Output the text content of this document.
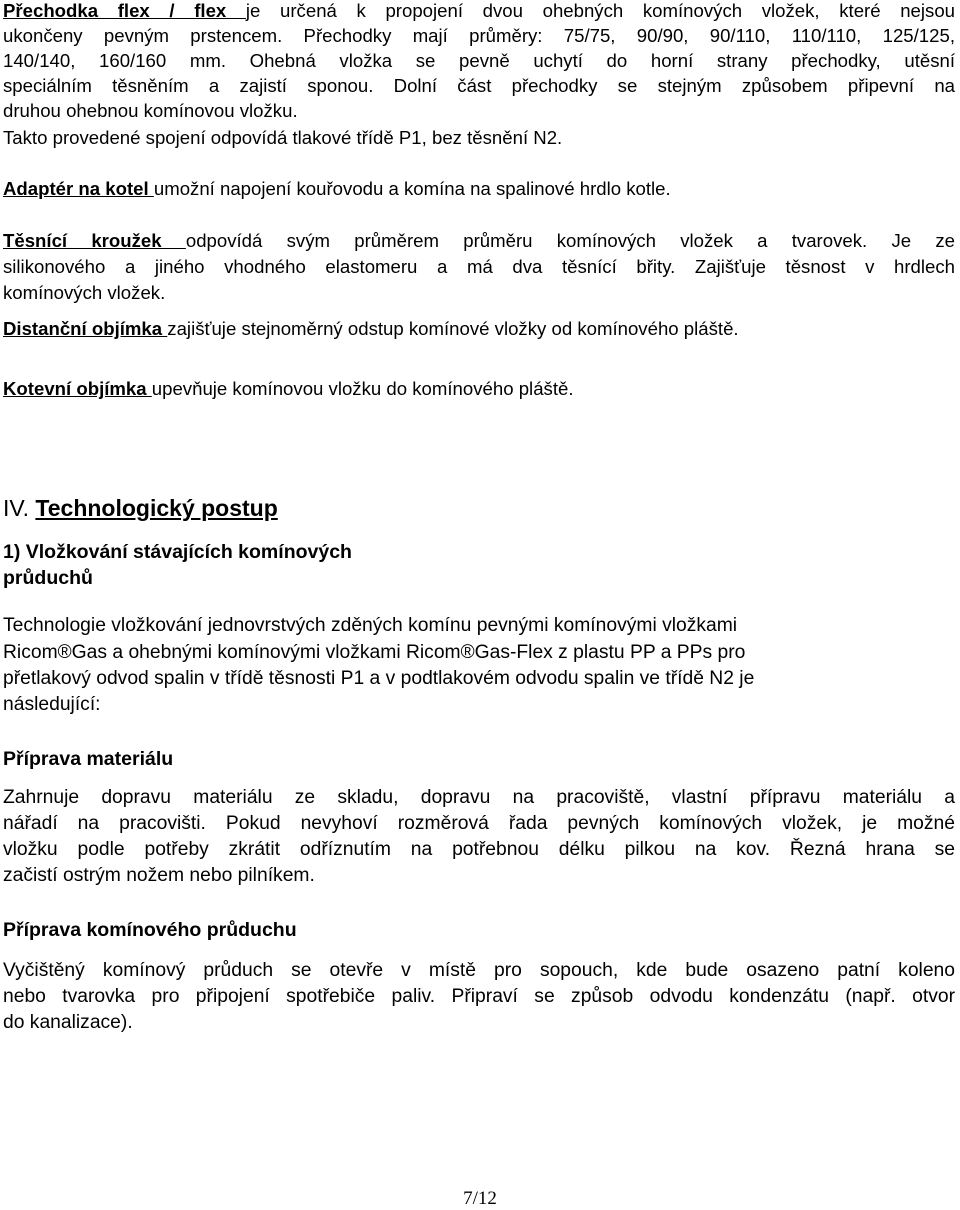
Přechodka flex / flex je určená k propojení dvou ohebných komínových vložek, které nejsou
ukončeny pevným prstencem. Přechodky mají průměry: 75/75, 90/90, 90/110, 110/110, 125/125,
140/140, 160/160 mm. Ohebná vložka se pevně uchytí do horní strany přechodky, utěsní
speciálním těsněním a zajistí sponou. Dolní část přechodky se stejným způsobem připevní na
druhou ohebnou komínovou vložku.
Takto provedené spojení odpovídá tlakové třídě P1, bez těsnění N2.
Adaptér na kotel umožní napojení kouřovodu a komína na spalinové hrdlo kotle.
Těsnící kroužek odpovídá svým průměrem průměru komínových vložek a tvarovek. Je ze
silikonového a jiného vhodného elastomeru a má dva těsnící břity. Zajišťuje těsnost v hrdlech
komínových vložek.
Distanční objímka zajišťuje stejnoměrný odstup komínové vložky od komínového pláště.
Kotevní objímka upevňuje komínovou vložku do komínového pláště.
IV. Technologický postup
1) Vložkování stávajících komínových
průduchů
Technologie vložkování jednovrstvých zděných komínu pevnými komínovými vložkami
Ricom®Gas a ohebnými komínovými vložkami Ricom®Gas-Flex z plastu PP a PPs pro
přetlakový odvod spalin v třídě těsnosti P1 a v podtlakovém odvodu spalin ve třídě N2 je
následující:
Příprava materiálu
Zahrnuje dopravu materiálu ze skladu, dopravu na pracoviště, vlastní přípravu materiálu a
nářadí na pracovišti. Pokud nevyhoví rozměrová řada pevných komínových vložek, je možné
vložku podle potřeby zkrátit odříznutím na potřebnou délku pilkou na kov. Řezná hrana se
začistí ostrým nožem nebo pilníkem.
Příprava komínového průduchu
Vyčištěný komínový průduch se otevře v místě pro sopouch, kde bude osazeno patní koleno
nebo tvarovka pro připojení spotřebiče paliv. Připraví se způsob odvodu kondenzátu (např. otvor
do kanalizace).
7/12
